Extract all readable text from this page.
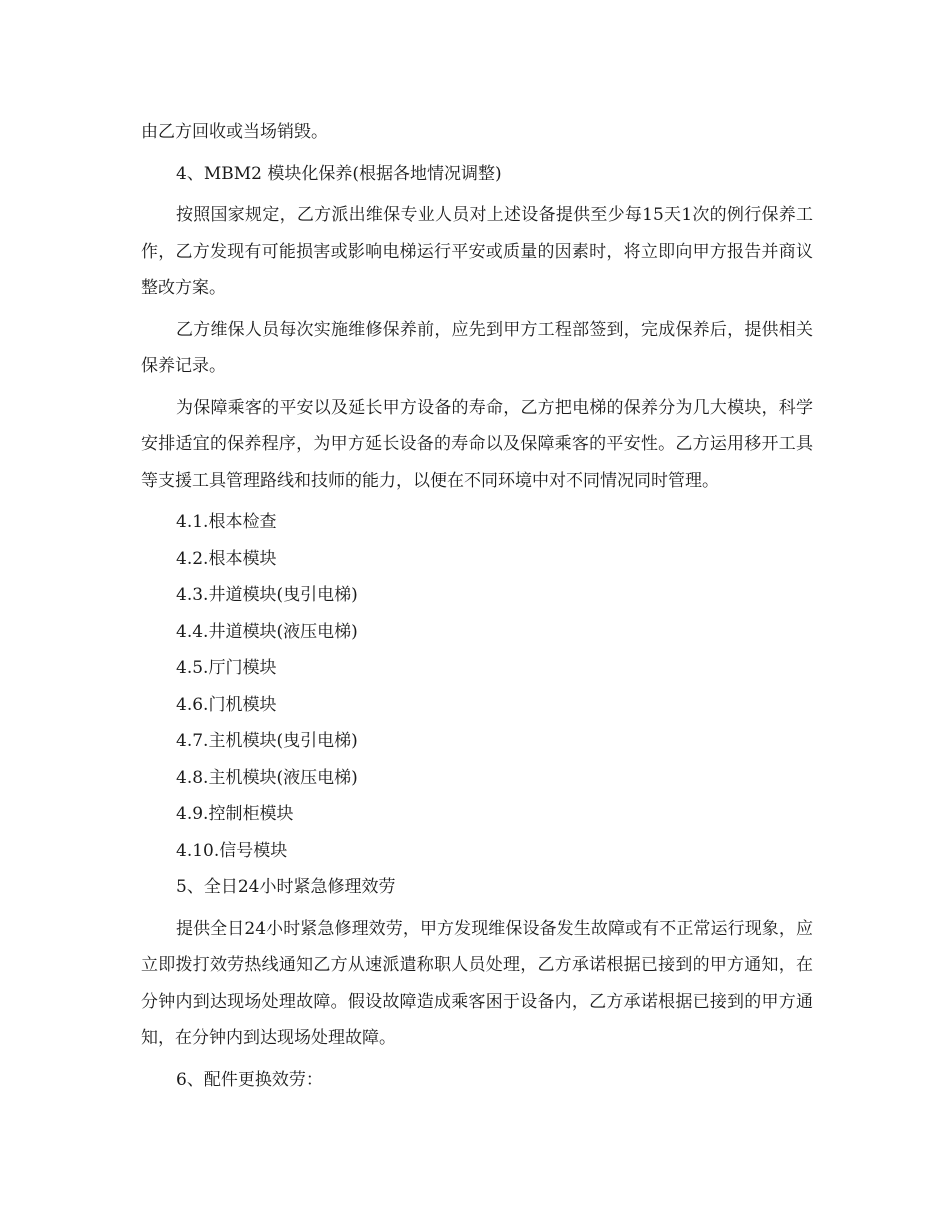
由乙方回收或当场销毁。

4、MBM2 模块化保养(根据各地情况调整)

按照国家规定，乙方派出维保专业人员对上述设备提供至少每15天1次的例行保养工作，乙方发现有可能损害或影响电梯运行平安或质量的因素时，将立即向甲方报告并商议整改方案。

乙方维保人员每次实施维修保养前，应先到甲方工程部签到，完成保养后，提供相关保养记录。

为保障乘客的平安以及延长甲方设备的寿命，乙方把电梯的保养分为几大模块，科学安排适宜的保养程序，为甲方延长设备的寿命以及保障乘客的平安性。乙方运用移开工具等支援工具管理路线和技师的能力，以便在不同环境中对不同情况同时管理。

4.1.根本检查
4.2.根本模块
4.3.井道模块(曳引电梯)
4.4.井道模块(液压电梯)
4.5.厅门模块
4.6.门机模块
4.7.主机模块(曳引电梯)
4.8.主机模块(液压电梯)
4.9.控制柜模块
4.10.信号模块

5、全日24小时紧急修理效劳

提供全日24小时紧急修理效劳，甲方发现维保设备发生故障或有不正常运行现象，应立即拨打效劳热线通知乙方从速派遣称职人员处理，乙方承诺根据已接到的甲方通知，在分钟内到达现场处理故障。假设故障造成乘客困于设备内，乙方承诺根据已接到的甲方通知，在分钟内到达现场处理故障。

6、配件更换效劳：
